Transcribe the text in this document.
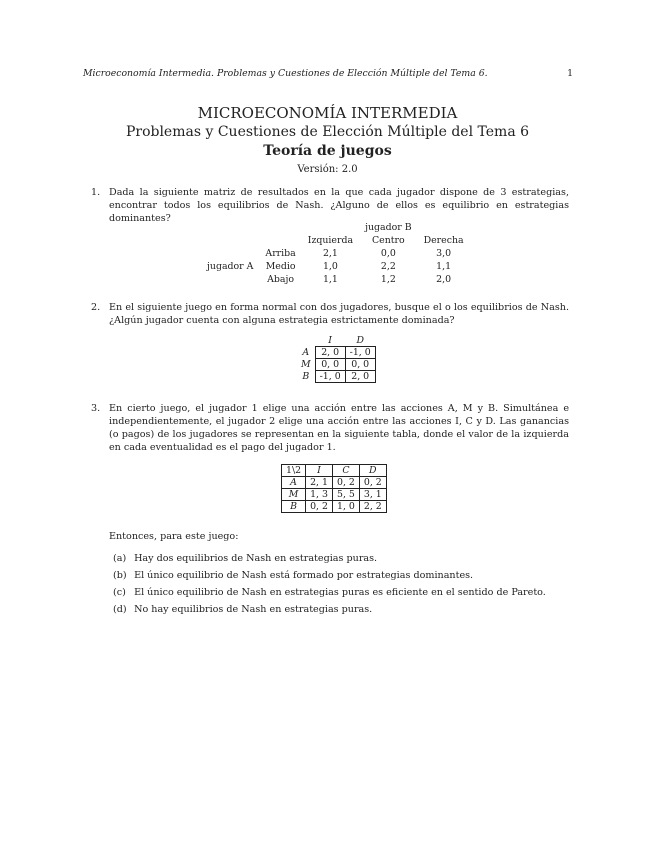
Microeconomía Intermedia. Problemas y Cuestiones de Elección Múltiple del Tema 6.	1
MICROECONOMÍA INTERMEDIA
Problemas y Cuestiones de Elección Múltiple del Tema 6
Teoría de juegos
Versión: 2.0
1. Dada la siguiente matriz de resultados en la que cada jugador dispone de 3 estrategias, encontrar todos los equilibrios de Nash. ¿Alguno de ellos es equilibrio en estrategias dominantes?
			jugador B	
		Izquierda	Centro	Derecha
	Arriba	2,1	0,0	3,0
jugador A	Medio	1,0	2,2	1,1
	Abajo	1,1	1,2	2,0
2. En el siguiente juego en forma normal con dos jugadores, busque el o los equilibrios de Nash. ¿Algún jugador cuenta con alguna estrategia estrictamente dominada?
	I	D
A	2, 0	-1, 0
M	0, 0	0, 0
B	-1, 0	2, 0
3. En cierto juego, el jugador 1 elige una acción entre las acciones A, M y B. Simultánea e independientemente, el jugador 2 elige una acción entre las acciones I, C y D. Las ganancias (o pagos) de los jugadores se representan en la siguiente tabla, donde el valor de la izquierda en cada eventualidad es el pago del jugador 1.
1\2	I	C	D
A	2, 1	0, 2	0, 2
M	1, 3	5, 5	3, 1
B	0, 2	1, 0	2, 2
Entonces, para este juego:
(a) Hay dos equilibrios de Nash en estrategias puras.
(b) El único equilibrio de Nash está formado por estrategias dominantes.
(c) El único equilibrio de Nash en estrategias puras es eficiente en el sentido de Pareto.
(d) No hay equilibrios de Nash en estrategias puras.
